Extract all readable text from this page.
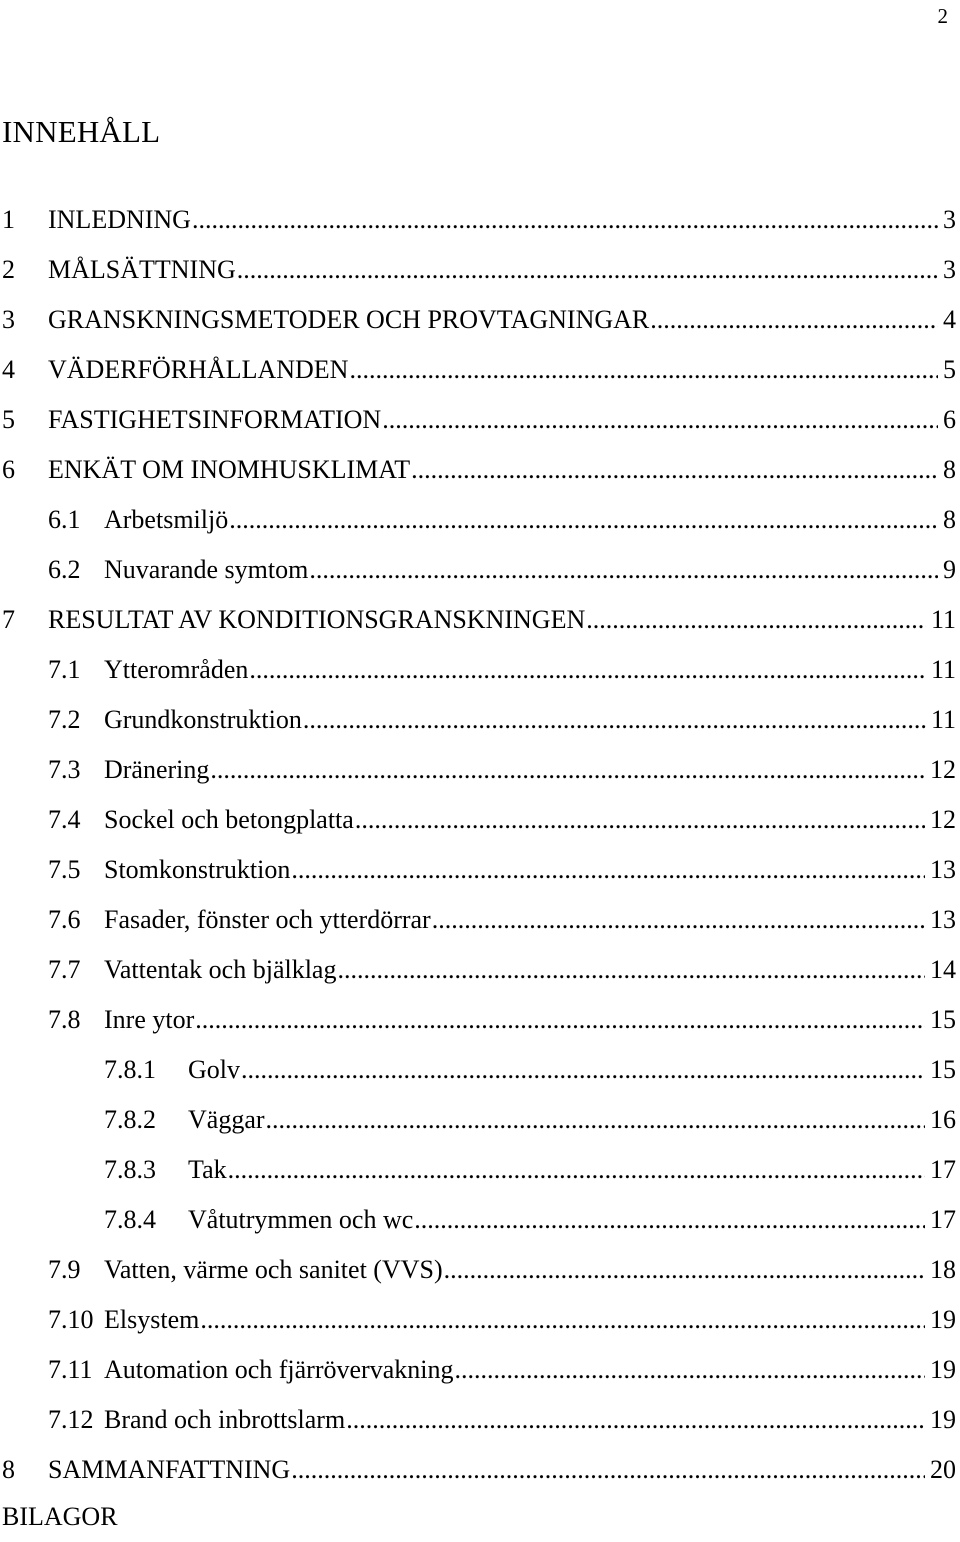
2
INNEHÅLL
1 INLEDNING .....	3
2 MÅLSÄTTNING .....	3
3 GRANSKNINGSMETODER OCH PROVTAGNINGAR .....	4
4 VÄDERFÖRHÅLLANDEN .....	5
5 FASTIGHETSINFORMATION .....	6
6 ENKÄT OM INOMHUSKLIMAT .....	8
6.1 Arbetsmiljö .....	8
6.2 Nuvarande symtom .....	9
7 RESULTAT AV KONDITIONSGRANSKNINGEN .....	11
7.1 Ytterområden .....	11
7.2 Grundkonstruktion .....	11
7.3 Dränering .....	12
7.4 Sockel och betongplatta .....	12
7.5 Stomkonstruktion .....	13
7.6 Fasader, fönster och ytterdörrar .....	13
7.7 Vattentak och bjälklag .....	14
7.8 Inre ytor .....	15
7.8.1 Golv .....	15
7.8.2 Väggar .....	16
7.8.3 Tak .....	17
7.8.4 Våtutrymmen och wc .....	17
7.9 Vatten, värme och sanitet (VVS) .....	18
7.10 Elsystem .....	19
7.11 Automation och fjärrövervakning .....	19
7.12 Brand och inbrottslarm .....	19
8 SAMMANFATTNING .....	20
BILAGOR
